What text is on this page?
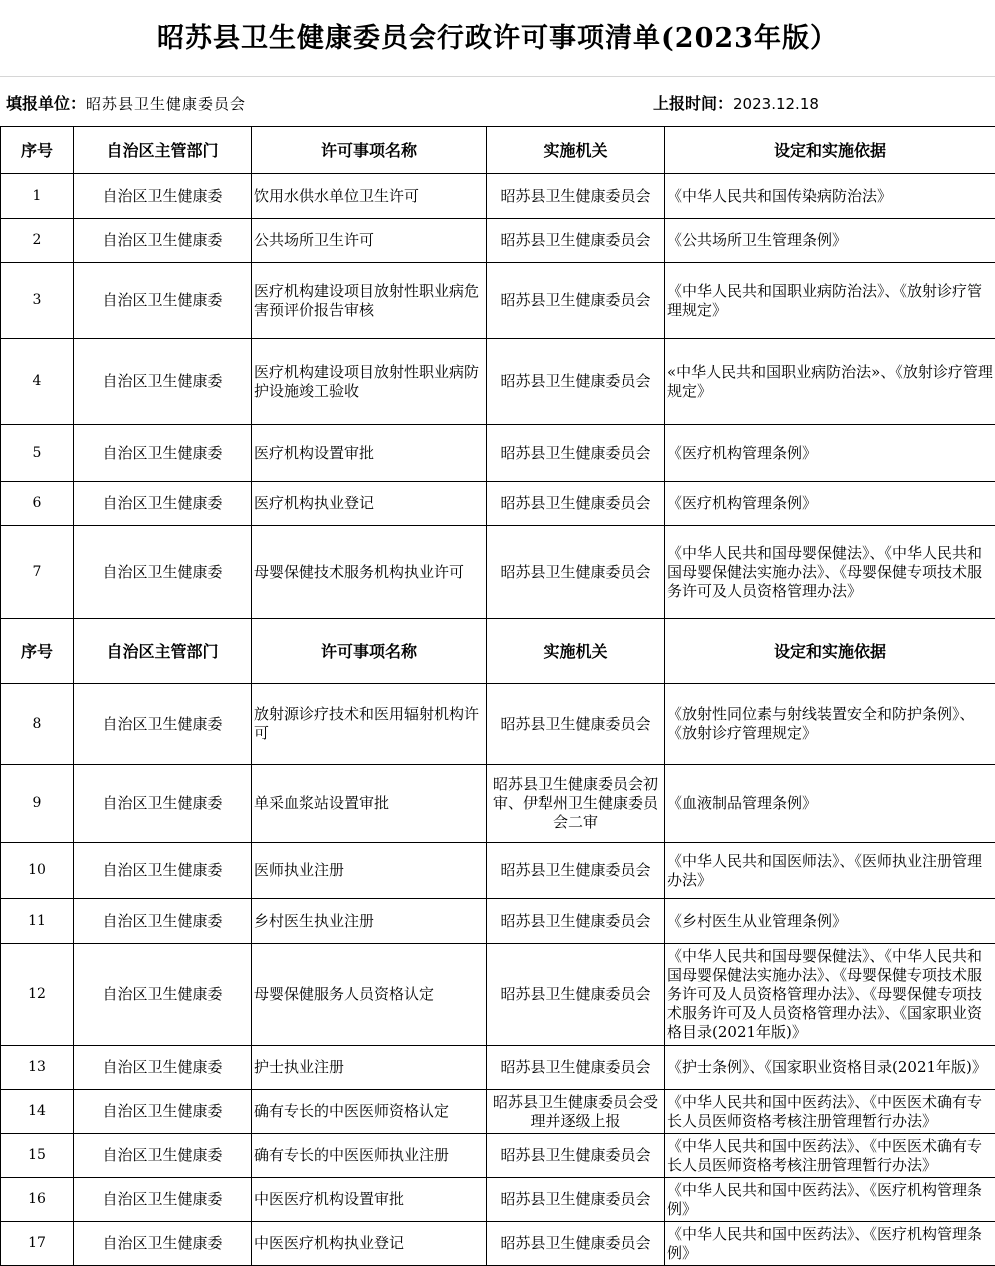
昭苏县卫生健康委员会行政许可事项清单(2023年版）
填报单位：昭苏县卫生健康委员会	上报时间：2023.12.18
序号	自治区主管部门	许可事项名称	实施机关	设定和实施依据
1	自治区卫生健康委	饮用水供水单位卫生许可	昭苏县卫生健康委员会	《中华人民共和国传染病防治法》
2	自治区卫生健康委	公共场所卫生许可	昭苏县卫生健康委员会	《公共场所卫生管理条例》
3	自治区卫生健康委	医疗机构建设项目放射性职业病危害预评价报告审核	昭苏县卫生健康委员会	《中华人民共和国职业病防治法》、《放射诊疗管理规定》
4	自治区卫生健康委	医疗机构建设项目放射性职业病防护设施竣工验收	昭苏县卫生健康委员会	«中华人民共和国职业病防治法»、《放射诊疗管理规定》
5	自治区卫生健康委	医疗机构设置审批	昭苏县卫生健康委员会	《医疗机构管理条例》
6	自治区卫生健康委	医疗机构执业登记	昭苏县卫生健康委员会	《医疗机构管理条例》
7	自治区卫生健康委	母婴保健技术服务机构执业许可	昭苏县卫生健康委员会	《中华人民共和国母婴保健法》、《中华人民共和国母婴保健法实施办法》、《母婴保健专项技术服务许可及人员资格管理办法》
序号	自治区主管部门	许可事项名称	实施机关	设定和实施依据
8	自治区卫生健康委	放射源诊疗技术和医用辐射机构许可	昭苏县卫生健康委员会	《放射性同位素与射线装置安全和防护条例》、《放射诊疗管理规定》
9	自治区卫生健康委	单采血浆站设置审批	昭苏县卫生健康委员会初审、伊犁州卫生健康委员会二审	《血液制品管理条例》
10	自治区卫生健康委	医师执业注册	昭苏县卫生健康委员会	《中华人民共和国医师法》、《医师执业注册管理办法》
11	自治区卫生健康委	乡村医生执业注册	昭苏县卫生健康委员会	《乡村医生从业管理条例》
12	自治区卫生健康委	母婴保健服务人员资格认定	昭苏县卫生健康委员会	《中华人民共和国母婴保健法》、《中华人民共和国母婴保健法实施办法》、《母婴保健专项技术服务许可及人员资格管理办法》、《母婴保健专项技术服务许可及人员资格管理办法》、《国家职业资格目录(2021年版)》
13	自治区卫生健康委	护士执业注册	昭苏县卫生健康委员会	《护士条例》、《国家职业资格目录(2021年版)》
14	自治区卫生健康委	确有专长的中医医师资格认定	昭苏县卫生健康委员会受理并逐级上报	《中华人民共和国中医药法》、《中医医术确有专长人员医师资格考核注册管理暂行办法》
15	自治区卫生健康委	确有专长的中医医师执业注册	昭苏县卫生健康委员会	《中华人民共和国中医药法》、《中医医术确有专长人员医师资格考核注册管理暂行办法》
16	自治区卫生健康委	中医医疗机构设置审批	昭苏县卫生健康委员会	《中华人民共和国中医药法》、《医疗机构管理条例》
17	自治区卫生健康委	中医医疗机构执业登记	昭苏县卫生健康委员会	《中华人民共和国中医药法》、《医疗机构管理条例》
